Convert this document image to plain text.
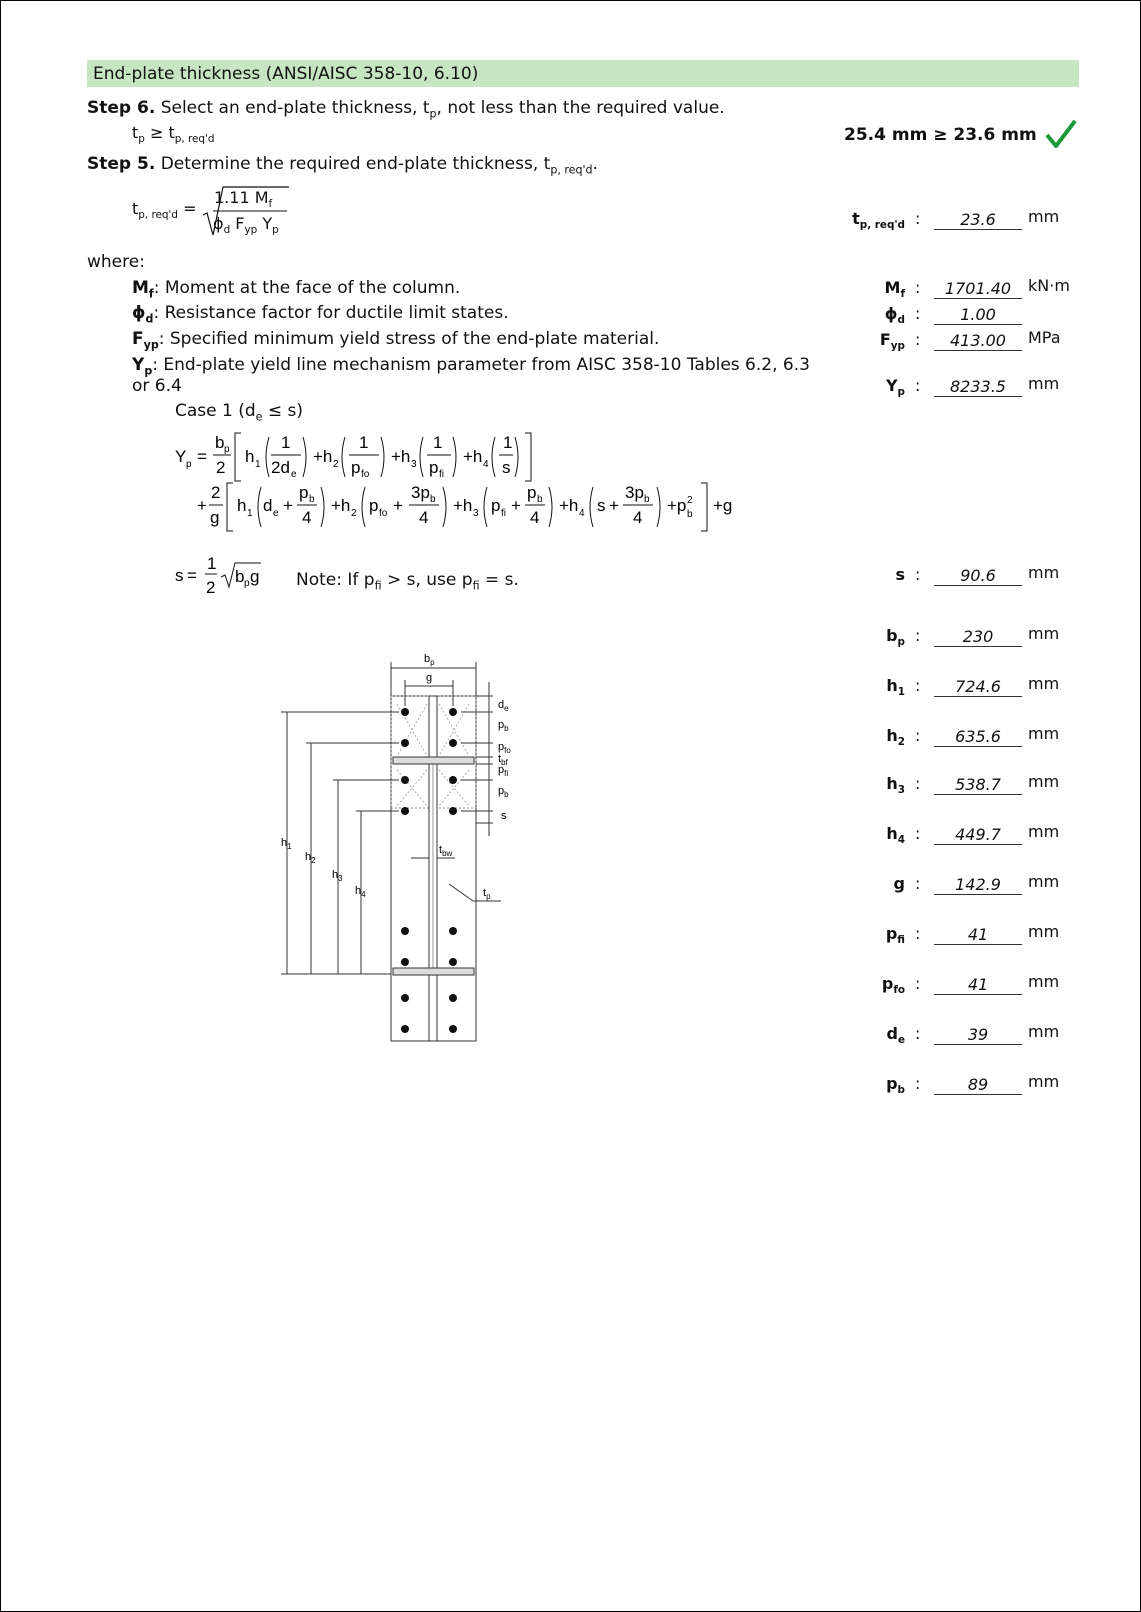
End-plate thickness (ANSI/AISC 358-10, 6.10)
Step 6. Select an end-plate thickness, $t_p$, not less than the required value.
$t_p \ge t_{p, req'd}$	25.4 mm ≥ 23.6 mm
Step 5. Determine the required end-plate thickness, $t_{p, req'd}$.
$t_{p, req'd}$ =
1.11 $M_f$
$\phi_d$ $F_{yp}$ $Y_p$
where:
$M_f$: Moment at the face of the column.
$\phi_d$: Resistance factor for ductile limit states.
$F_{yp}$: Specified minimum yield stress of the end-plate material.
$Y_p$: End-plate yield line mechanism parameter from AISC 358-10 Tables 6.2, 6.3
or 6.4
Case 1 $(d_e \le s)$
Y p =
b p
2
h 1
1
2d e
+h 2
1
p fo
+h 3
1
p fi
+h 4
1
s
+
2
g
h 1 d e +
p b
4
+h 2 p fo +
3p b
4
+h 3 p fi +
p b
4
+h 4 s +
3p b
4
+p 2
b +g
s =
1
2
b p g Note: If $p_{fi} > s$, use $p_{fi} = s$.
$b_p$
g
$d_e$
$p_b$
$p_{fo}$
$t_{bf}$
$p_{fi}$
$p_b$
s
$t_{bw}$
$t_p$
$h_1$
$h_2$
$h_3$
$h_4$
$t_{p, req'd}$ :	23.6	mm
$M_f$ :	1701.40	kN·m
$\phi_d$ :	1.00
$F_{yp}$ :	413.00	MPa
$Y_p$ :	8233.5	mm
s :	90.6	mm
$b_p$ :	230	mm
$h_1$ :	724.6	mm
$h_2$ :	635.6	mm
$h_3$ :	538.7	mm
$h_4$ :	449.7	mm
g :	142.9	mm
$p_{fi}$ :	41	mm
$p_{fo}$ :	41	mm
$d_e$ :	39	mm
$p_b$ :	89	mm
